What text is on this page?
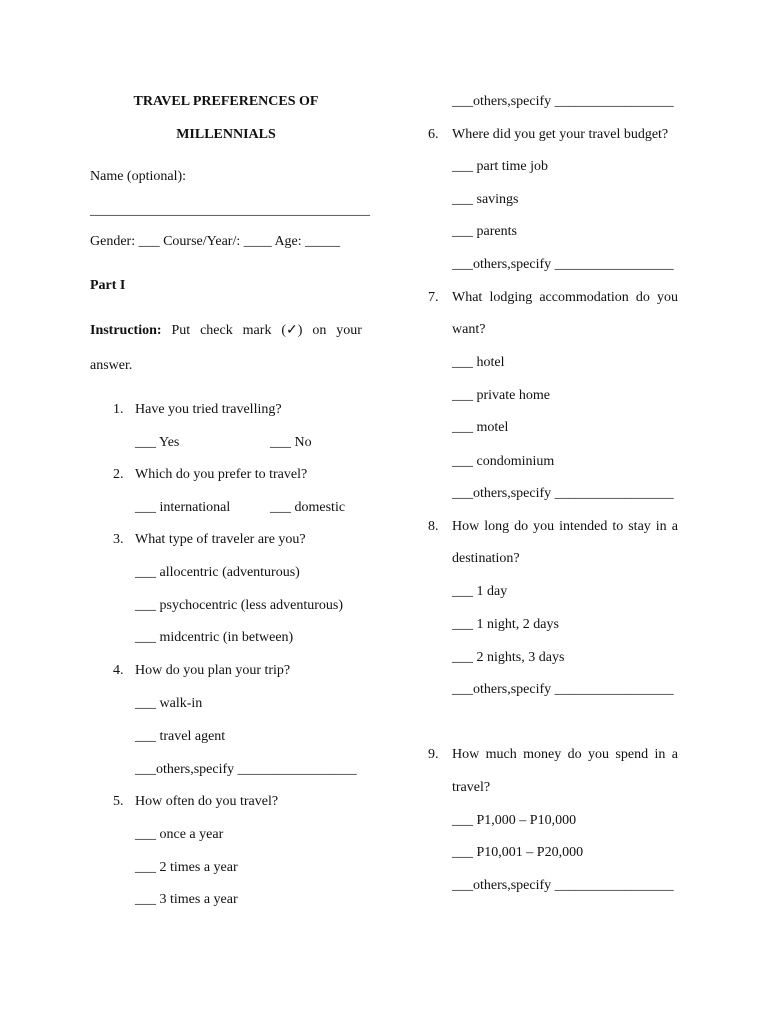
TRAVEL PREFERENCES OF
MILLENNIALS
Name (optional):
________________________________________
Gender: ___ Course/Year/: ____ Age: _____
Part I
Instruction: Put check mark (✓) on your
answer.
1. Have you tried travelling?
___ Yes	___ No
2. Which do you prefer to travel?
___ international	___ domestic
3. What type of traveler are you?
___ allocentric (adventurous)
___ psychocentric (less adventurous)
___ midcentric (in between)
4. How do you plan your trip?
___ walk-in
___ travel agent
___others,specify _________________
5. How often do you travel?
___ once a year
___ 2 times a year
___ 3 times a year
___others,specify _________________
6. Where did you get your travel budget?
___ part time job
___ savings
___ parents
___others,specify _________________
7. What lodging accommodation do you
want?
___ hotel
___ private home
___ motel
___ condominium
___others,specify _________________
8. How long do you intended to stay in a
destination?
___ 1 day
___ 1 night, 2 days
___ 2 nights, 3 days
___others,specify _________________
9. How much money do you spend in a
travel?
___ P1,000 – P10,000
___ P10,001 – P20,000
___others,specify _________________
